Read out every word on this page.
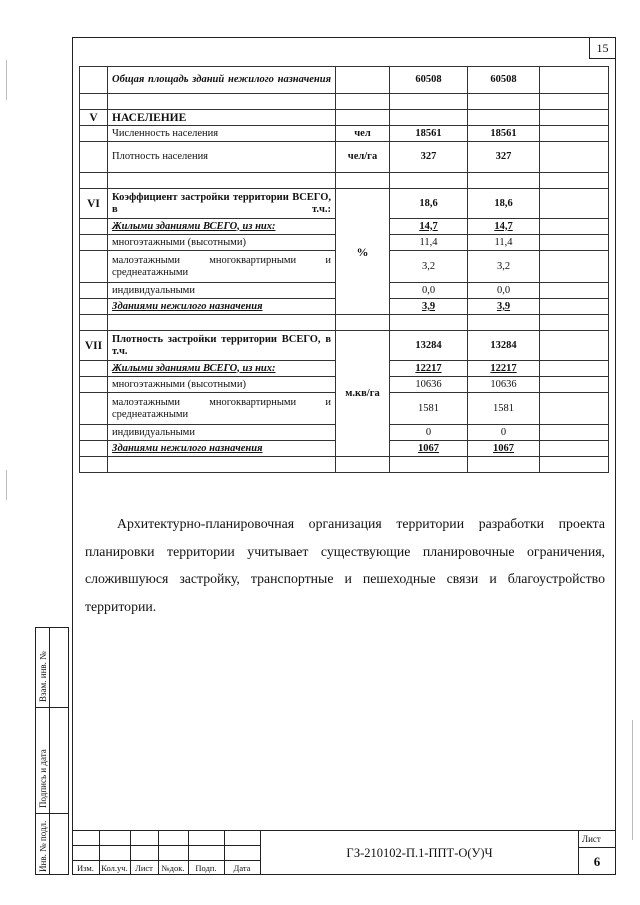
15
	Общая площадь зданий нежилого назначения		60508	60508	

V	НАСЕЛЕНИЕ				
	Численность населения	чел	18561	18561	
	Плотность населения	чел/га	327	327	

VI	Коэффициент застройки территории ВСЕГО, в т.ч.:	%	18,6	18,6	
	Жилыми зданиями ВСЕГО, из них:		14,7	14,7	
	многоэтажными (высотными)		11,4	11,4	
	малоэтажными многоквартирными и среднеатажными		3,2	3,2	
	индивидуальными		0,0	0,0	
	Зданиями нежилого назначения		3,9	3,9	

VII	Плотность застройки территории ВСЕГО, в т.ч.	м.кв/га	13284	13284	
	Жилыми зданиями ВСЕГО, из них:		12217	12217	
	многоэтажными (высотными)		10636	10636	
	малоэтажными многоквартирными и среднеатажными		1581	1581	
	индивидуальными		0	0	
	Зданиями нежилого назначения		1067	1067	

Архитектурно-планировочная организация территории разработки проекта планировки территории учитывает существующие планировочные ограничения, сложившуюся застройку, транспортные и пешеходные связи и благоустройство территории.

Взам. инв. №
Подпись и дата
Инв. № подл.	Изм. Кол.уч. Лист	№док.	Подп.	Дата
ГЗ-210102-П.1-ППТ-О(У)Ч
Лист
6
